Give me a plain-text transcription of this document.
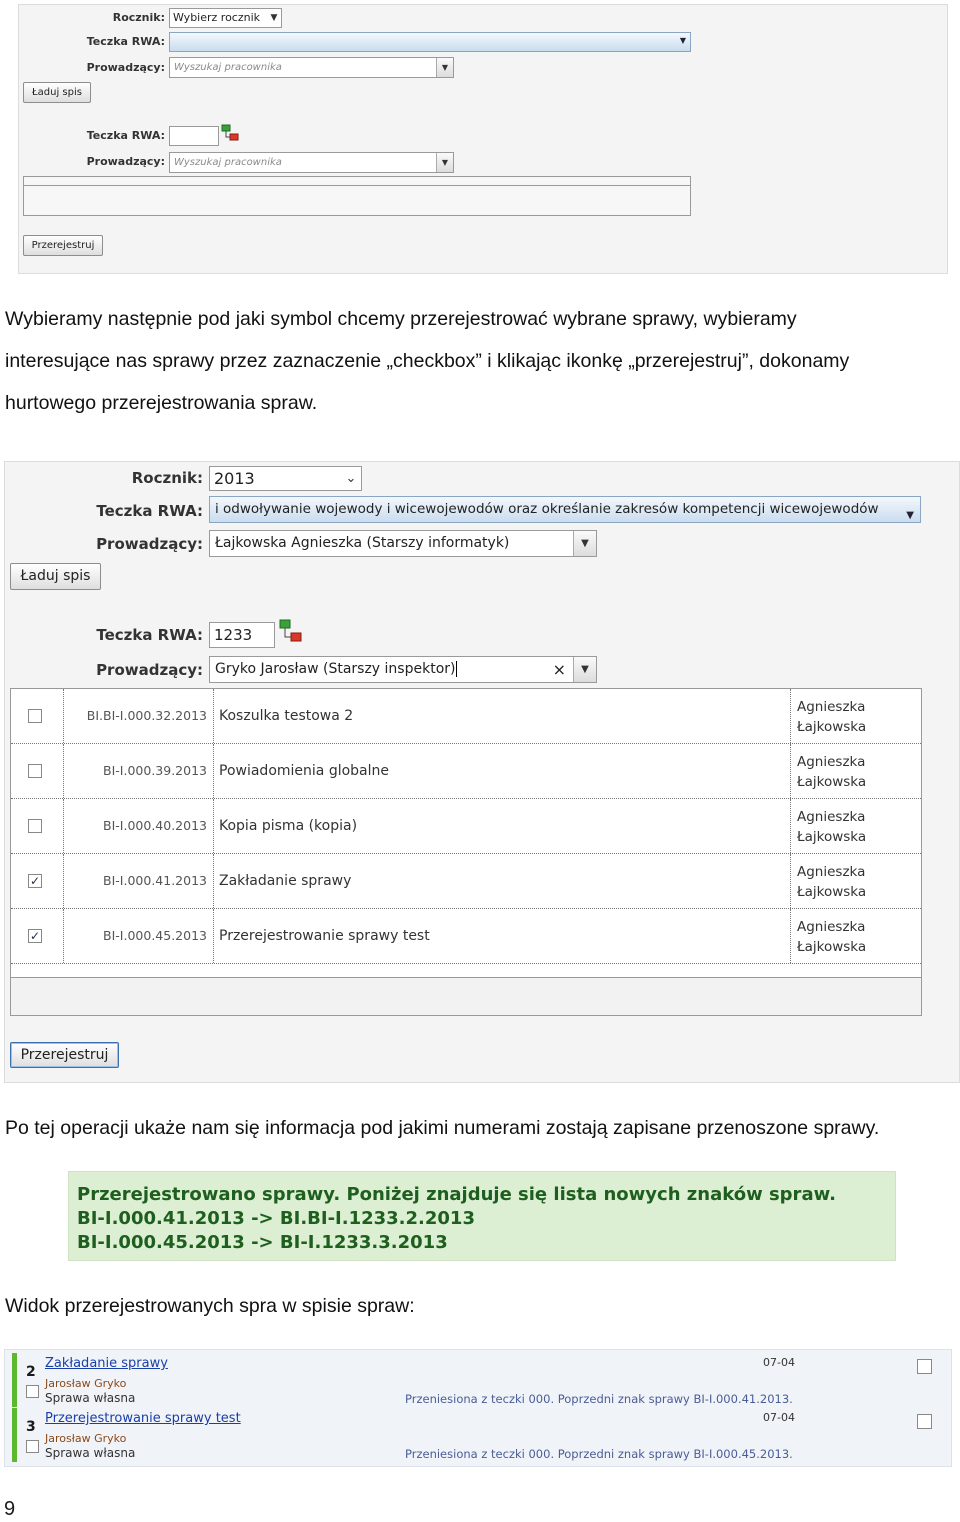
Rocznik: Wybierz rocznik	▼
Teczka RWA:	▼
Prowadzący: Wyszukaj pracownika	▼
Ładuj spis
Teczka RWA:
Prowadzący: Wyszukaj pracownika	▼
Przerejestruj
Wybieramy następnie pod jaki symbol chcemy przerejestrować wybrane sprawy, wybieramy
interesujące nas sprawy przez zaznaczenie „checkbox” i klikając ikonkę „przerejestruj”, dokonamy
hurtowego przerejestrowania spraw.
Rocznik: 2013	⌄
Teczka RWA: i odwoływanie wojewody i wicewojewodów oraz określanie zakresów kompetencji wicewojewodów	▼
Prowadzący: Łajkowska Agnieszka (Starszy informatyk)	▼
Ładuj spis
Teczka RWA: 1233
Prowadzący: Gryko Jarosław (Starszy inspektor)	×	▼
BI.BI-I.000.32.2013 Koszulka testowa 2
Agnieszka
Łajkowska
BI-I.000.39.2013 Powiadomienia globalne
Agnieszka
Łajkowska
BI-I.000.40.2013 Kopia pisma (kopia)
Agnieszka
Łajkowska
✓	BI-I.000.41.2013 Zakładanie sprawy
Agnieszka
Łajkowska
✓	BI-I.000.45.2013 Przerejestrowanie sprawy test
Agnieszka
Łajkowska
Przerejestruj
Po tej operacji ukaże nam się informacja pod jakimi numerami zostają zapisane przenoszone sprawy.
Przerejestrowano sprawy. Poniżej znajduje się lista nowych znaków spraw.
BI-I.000.41.2013 -> BI.BI-I.1233.2.2013
BI-I.000.45.2013 -> BI-I.1233.3.2013
Widok przerejestrowanych spra w spisie spraw:
2
Zakładanie sprawy
Jarosław Gryko
Sprawa własna
07-04
Przeniesiona z teczki 000. Poprzedni znak sprawy BI-I.000.41.2013.
3
Przerejestrowanie sprawy test
Jarosław Gryko
Sprawa własna
07-04
Przeniesiona z teczki 000. Poprzedni znak sprawy BI-I.000.45.2013.
9
